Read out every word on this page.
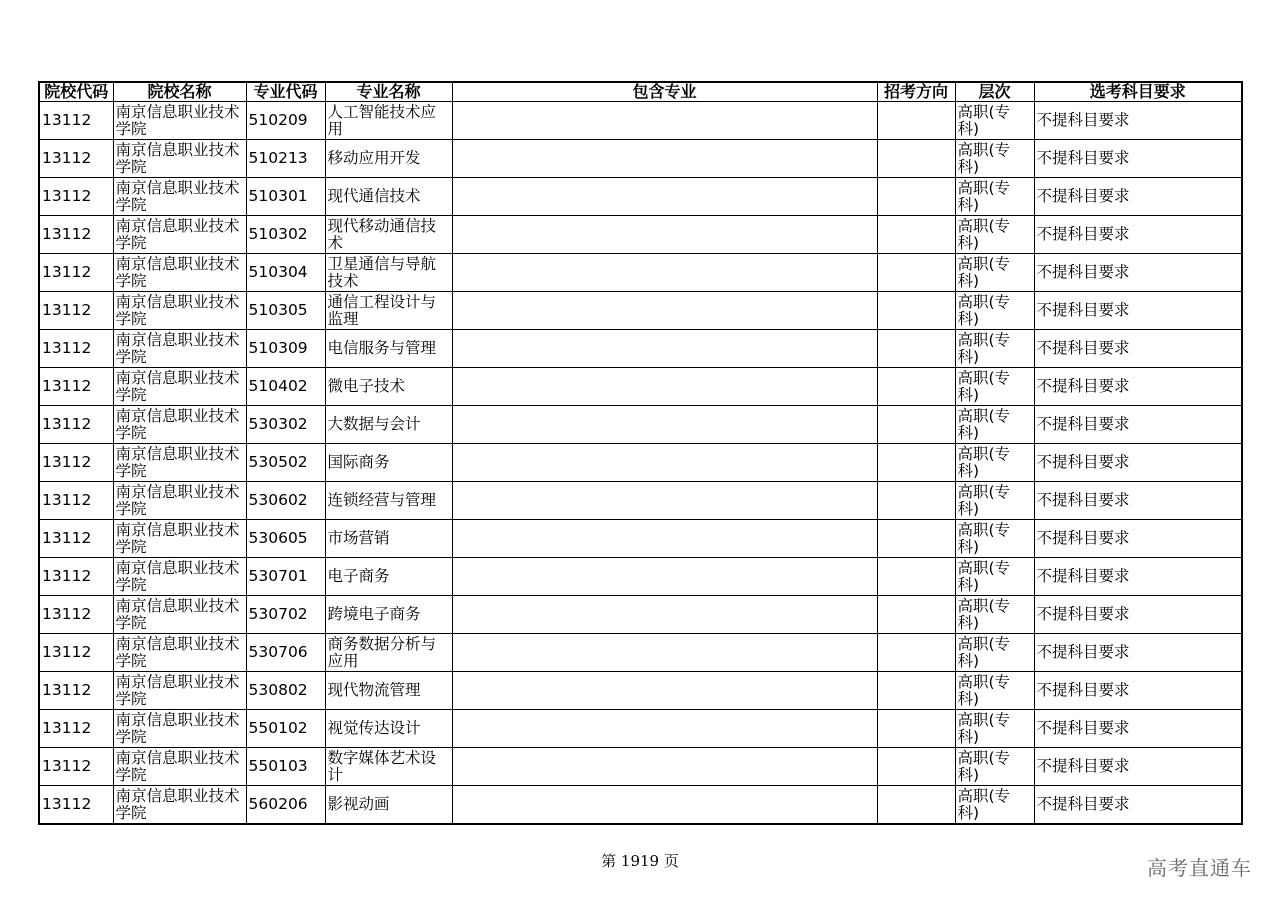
院校代码	院校名称	专业代码	专业名称	包含专业	招考方向	层次	选考科目要求
13112	南京信息职业技术学院	510209	人工智能技术应用			高职(专科)	不提科目要求
13112	南京信息职业技术学院	510213	移动应用开发			高职(专科)	不提科目要求
13112	南京信息职业技术学院	510301	现代通信技术			高职(专科)	不提科目要求
13112	南京信息职业技术学院	510302	现代移动通信技术			高职(专科)	不提科目要求
13112	南京信息职业技术学院	510304	卫星通信与导航技术			高职(专科)	不提科目要求
13112	南京信息职业技术学院	510305	通信工程设计与监理			高职(专科)	不提科目要求
13112	南京信息职业技术学院	510309	电信服务与管理			高职(专科)	不提科目要求
13112	南京信息职业技术学院	510402	微电子技术			高职(专科)	不提科目要求
13112	南京信息职业技术学院	530302	大数据与会计			高职(专科)	不提科目要求
13112	南京信息职业技术学院	530502	国际商务			高职(专科)	不提科目要求
13112	南京信息职业技术学院	530602	连锁经营与管理			高职(专科)	不提科目要求
13112	南京信息职业技术学院	530605	市场营销			高职(专科)	不提科目要求
13112	南京信息职业技术学院	530701	电子商务			高职(专科)	不提科目要求
13112	南京信息职业技术学院	530702	跨境电子商务			高职(专科)	不提科目要求
13112	南京信息职业技术学院	530706	商务数据分析与应用			高职(专科)	不提科目要求
13112	南京信息职业技术学院	530802	现代物流管理			高职(专科)	不提科目要求
13112	南京信息职业技术学院	550102	视觉传达设计			高职(专科)	不提科目要求
13112	南京信息职业技术学院	550103	数字媒体艺术设计			高职(专科)	不提科目要求
13112	南京信息职业技术学院	560206	影视动画			高职(专科)	不提科目要求
第 1919 页	高考直通车
